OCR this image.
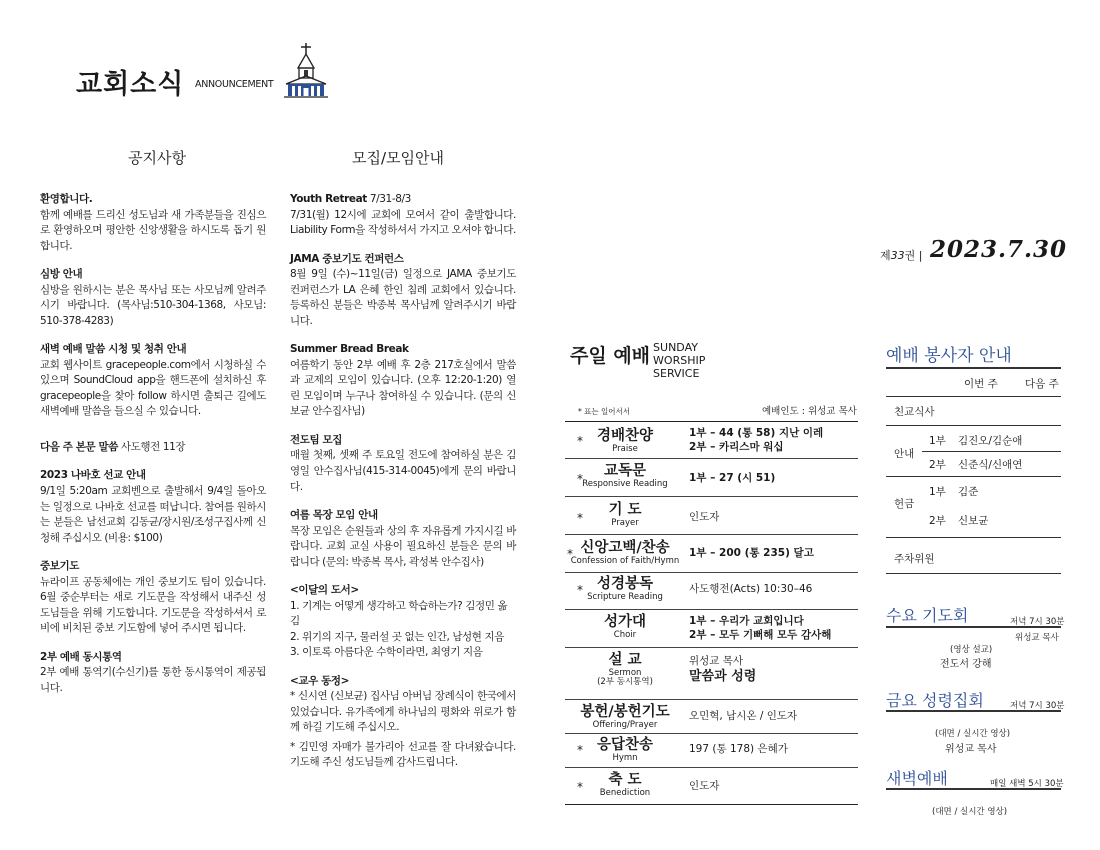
교회소식 ANNOUNCEMENT
공지사항	모집/모임안내

환영합니다.

함께 예배를 드리신 성도님과 새 가족분들을 진심으로 환영하오며 평안한 신앙생활을 하시도록 돕기 원합니다.

심방 안내

심방을 원하시는 분은 목사님 또는 사모님께 알려주시기 바랍니다. (목사님:510-304-1368, 사모님: 510-378-4283)

새벽 예배 말씀 시청 및 청취 안내

교회 웹사이트 gracepeople.com에서 시청하실 수 있으며 SoundCloud app을 핸드폰에 설치하신 후 gracepeople을 찾아 follow 하시면 출퇴근 길에도 새벽예배 말씀을 들으실 수 있습니다.

다음 주 본문 말씀 사도행전 11장

2023 나바호 선교 안내

9/1일 5:20am 교회벤으로 출발해서 9/4일 돌아오는 일정으로 나바호 선교를 떠납니다. 참여를 원하시는 분들은 남선교회 김동균/장시원/조성구집사께 신청해 주십시오 (비용: $100)

중보기도

뉴라이프 공동체에는 개인 중보기도 팀이 있습니다. 6월 중순부터는 새로 기도문을 작성해서 내주신 성도님들을 위해 기도합니다. 기도문을 작성하셔서 로비에 비치된 중보 기도함에 넣어 주시면 됩니다.

2부 예배 동시통역

2부 예배 통역기(수신기)를 통한 동시통역이 제공됩니다.

Youth Retreat 7/31-8/3

7/31(월) 12시에 교회에 모여서 같이 출발합니다. Liability Form을 작성하셔서 가지고 오셔야 합니다.

JAMA 중보기도 컨퍼런스

8월 9일 (수)~11일(금) 일정으로 JAMA 중보기도 컨퍼런스가 LA 은혜 한인 침례 교회에서 있습니다. 등록하신 분들은 박종복 목사님께 알려주시기 바랍니다.

Summer Bread Break

여름학기 동안 2부 예배 후 2층 217호실에서 말씀과 교제의 모임이 있습니다. (오후 12:20-1:20) 열린 모임이며 누구나 참여하실 수 있습니다. (문의 신보균 안수집사님)

전도팀 모집

매월 첫째, 셋째 주 토요일 전도에 참여하실 분은 김영일 안수집사님(415-314-0045)에게 문의 바랍니다.

여름 목장 모임 안내

목장 모임은 순원들과 상의 후 자유롭게 가지시길 바랍니다. 교회 교실 사용이 필요하신 분들은 문의 바랍니다 (문의: 박종복 목사, 곽성복 안수집사)

<이달의 도서>

1. 기계는 어떻게 생각하고 학습하는가? 김정민 옮김

2. 위기의 지구, 물러설 곳 없는 인간, 남성현 지음

3. 이토록 아름다운 수학이라면, 최영기 지음

<교우 동정>

* 신시연 (신보균) 집사님 아버님 장례식이 한국에서 있었습니다. 유가족에게 하나님의 평화와 위로가 함께 하길 기도해 주십시오.

* 김민영 자매가 불가리아 선교를 잘 다녀왔습니다. 기도해 주신 성도님들께 감사드립니다.

제33권 | 2023.7.30
주일 예배 SUNDAY WORSHIP SERVICE
* 표는 일어서서	예배인도 : 위성교 목사
* 경배찬양
Praise
1부 – 44 (통 58) 지난 이레
2부 – 카리스마 워십
*	교독문
Responsive Reading	1부 – 27 (시 51)
*	기 도
Prayer	인도자
* 신앙고백/찬송
Confession of Faith/Hymn
1부 – 200 (통 235) 달고
* 성경봉독
Scripture Reading
사도행전(Acts) 10:30–46
성가대
Choir
1부 – 우리가 교회입니다
2부 – 모두 기뻐해 모두 감사해
설 교
Sermon
(2부 동시통역)
위성교 목사
말씀과 성령
봉헌/봉헌기도
Offering/Prayer
오민혁, 남시온 / 인도자
* 응답찬송
Hymn
197 (통 178) 은혜가
*	축 도
Benediction
인도자
예배 봉사자 안내
이번 주	다음 주
친교식사
안내
1부 김진오/김순애
2부 신준식/신애연
헌금
1부 김준
2부 신보균
주차위원
수요 기도회	저녁 7시 30분
위성교 목사
(영상 설교)
전도서 강해
금요 성령집회	저녁 7시 30분
(대면 / 실시간 영상)
위성교 목사
새벽예배	매일 새벽 5시 30분
(대면 / 실시간 영상)
